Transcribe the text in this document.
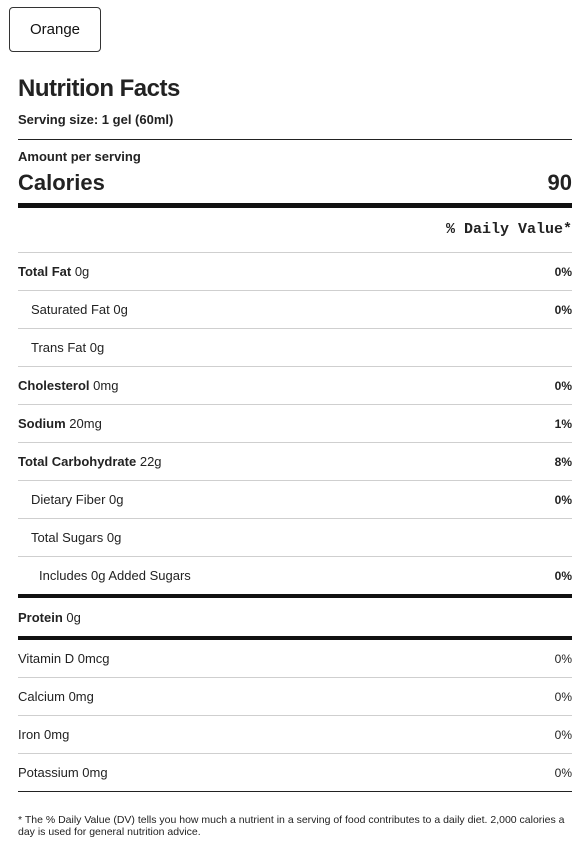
Orange
Nutrition Facts
Serving size: 1 gel (60ml)
Amount per serving
Calories	90
% Daily Value*
Total Fat 0g	0%
Saturated Fat 0g	0%
Trans Fat 0g
Cholesterol 0mg	0%
Sodium 20mg	1%
Total Carbohydrate 22g	8%
Dietary Fiber 0g	0%
Total Sugars 0g
Includes 0g Added Sugars	0%
Protein 0g
Vitamin D 0mcg	0%
Calcium 0mg	0%
Iron 0mg	0%
Potassium 0mg	0%
* The % Daily Value (DV) tells you how much a nutrient in a serving of food contributes to a daily diet. 2,000 calories a day is used for general nutrition advice.
